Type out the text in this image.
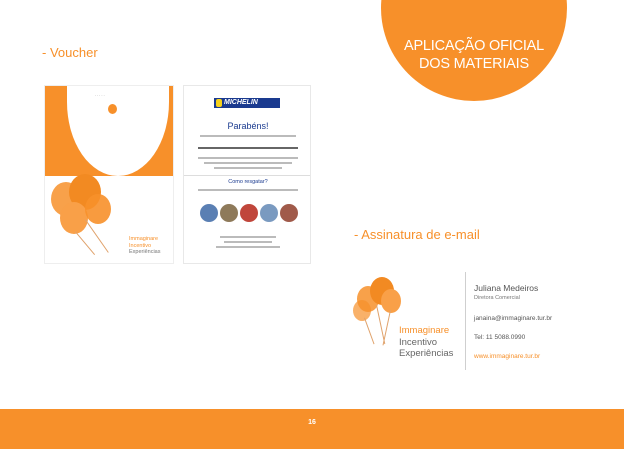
APLICAÇÃO OFICIAL
DOS MATERIAIS
- Voucher
- Assinatura de e-mail
· · · · ·
Immaginare
Incentivo
Experiências
MICHELIN
Parabéns!
Como resgatar?
Immaginare
Incentivo
Experiências
Juliana Medeiros
Diretora Comercial
janaina@immaginare.tur.br
Tel: 11 5088.0990
www.immaginare.tur.br
16
